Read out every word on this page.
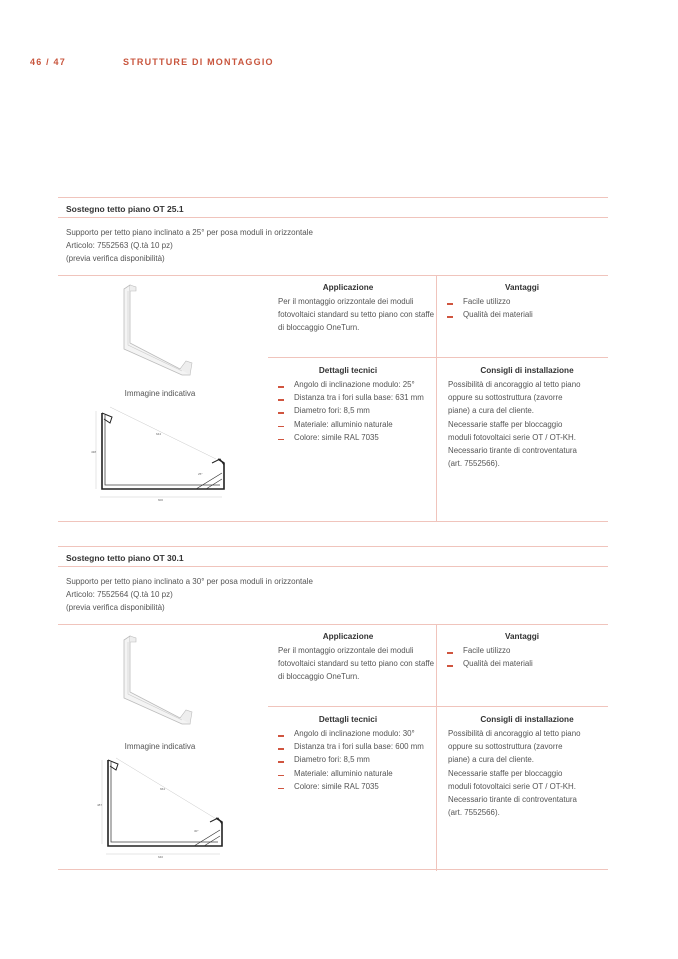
46 / 47	STRUTTURE DI MONTAGGIO
Sostegno tetto piano OT 25.1
Supporto per tetto piano inclinato a 25° per posa moduli in orizzontale
Articolo: 7552563 (Q.tà 10 pz)
(previa verifica disponibilità)
Immagine indicativa
438
600
644
25°
Applicazione
Per il montaggio orizzontale dei moduli fotovoltaici standard su tetto piano con staffe di bloccaggio OneTurn.
Vantaggi
Facile utilizzo
Qualità dei materiali
Dettagli tecnici
Angolo di inclinazione modulo: 25°
Distanza tra i fori sulla base: 631 mm
Diametro fori: 8,5 mm
Materiale: alluminio naturale
Colore: simile RAL 7035
Consigli di installazione
Possibilità di ancoraggio al tetto piano
oppure su sottostruttura (zavorre
piane) a cura del cliente.
Necessarie staffe per bloccaggio
moduli fotovoltaici serie OT / OT-KH.
Necessario tirante di controventatura
(art. 7552566).
Sostegno tetto piano OT 30.1
Supporto per tetto piano inclinato a 30° per posa moduli in orizzontale
Articolo: 7552564 (Q.tà 10 pz)
(previa verifica disponibilità)
Immagine indicativa
487
640
664
30°
Applicazione
Per il montaggio orizzontale dei moduli fotovoltaici standard su tetto piano con staffe di bloccaggio OneTurn.
Vantaggi
Facile utilizzo
Qualità dei materiali
Dettagli tecnici
Angolo di inclinazione modulo: 30°
Distanza tra i fori sulla base: 600 mm
Diametro fori: 8,5 mm
Materiale: alluminio naturale
Colore: simile RAL 7035
Consigli di installazione
Possibilità di ancoraggio al tetto piano
oppure su sottostruttura (zavorre
piane) a cura del cliente.
Necessarie staffe per bloccaggio
moduli fotovoltaici serie OT / OT-KH.
Necessario tirante di controventatura
(art. 7552566).
